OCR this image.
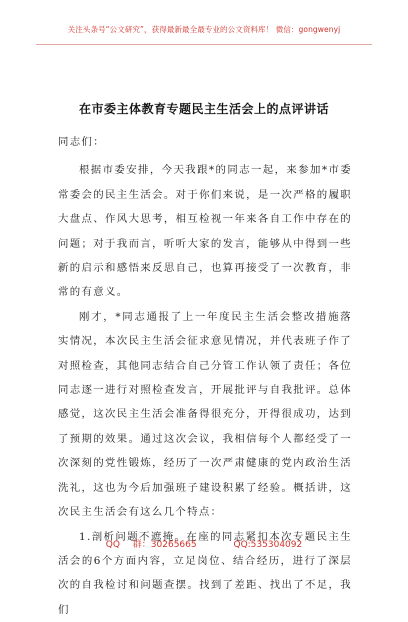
关注头条号“公文研究”，获得最新最全最专业的公文资料库！ 微信：gongwenyj
在市委主体教育专题民主生活会上的点评讲话

同志们：

根据市委安排，今天我跟*的同志一起，来参加*市委常委会的民主生活会。对于你们来说，是一次严格的履职大盘点、作风大思考，相互检视一年来各自工作中存在的问题；对于我而言，听听大家的发言，能够从中得到一些新的启示和感悟来反思自己，也算再接受了一次教育，非常的有意义。

刚才，*同志通报了上一年度民主生活会整改措施落实情况，本次民主生活会征求意见情况，并代表班子作了对照检查，其他同志结合自己分管工作认领了责任；各位同志逐一进行对照检查发言，开展批评与自我批评。总体感觉，这次民主生活会准备得很充分，开得很成功，达到了预期的效果。通过这次会议，我相信每个人都经受了一次深刻的党性锻炼，经历了一次严肃健康的党内政治生活洗礼，这也为今后加强班子建设积累了经验。概括讲，这次民主生活会有这么几个特点：

1.剖析问题不遮掩。在座的同志紧扣本次专题民主生活会的6个方面内容，立足岗位、结合经历，进行了深层次的自我检讨和问题查摆。找到了差距、找出了不足，我们

QQ 群：30265665	QQ:535304092
